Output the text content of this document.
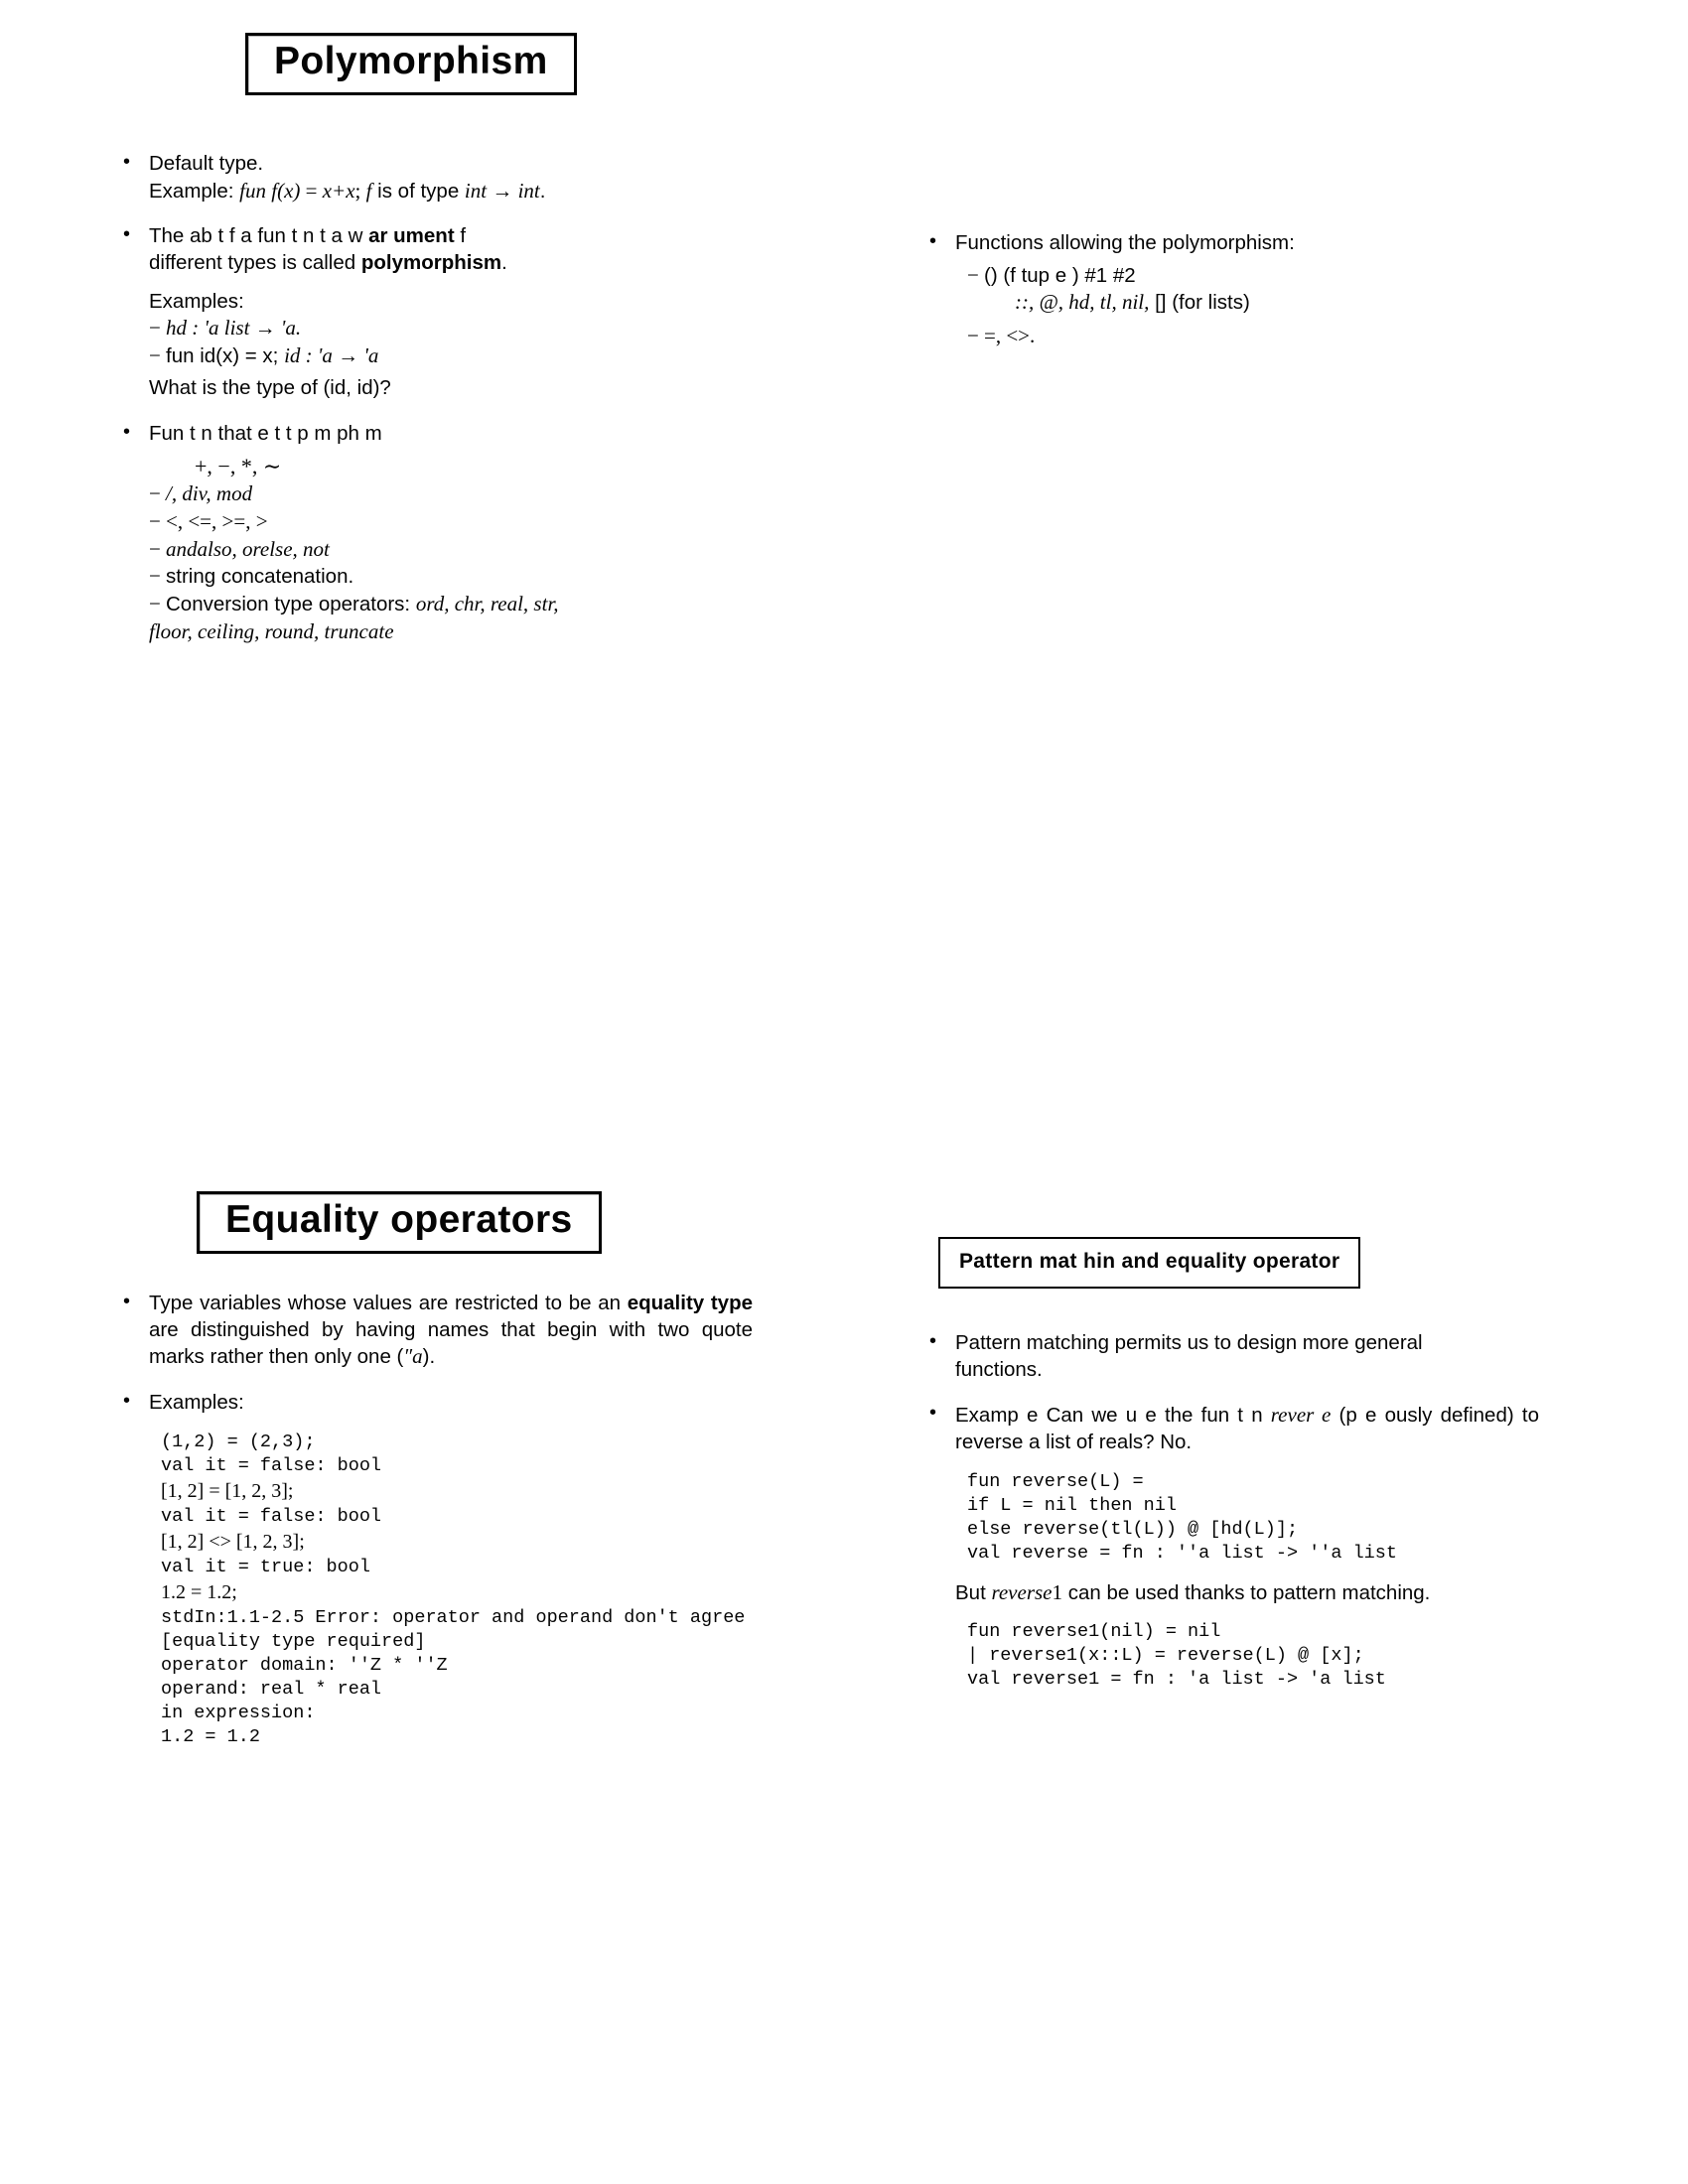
Polymorphism

• Default type.

Example: fun f(x) = x+x; f is of type int → int.

• The ab t f a fun t n t a w ar ument f

different types is called polymorphism.

Examples:

− hd : 'a list → 'a.

− fun id(x) = x; id : 'a → 'a

What is the type of (id, id)?

• Fun t n that e t t p m ph m

+, −, *, ∼

− /, div, mod

− <, <=, >=, >

− andalso, orelse, not

− string concatenation.

− Conversion type operators: ord, chr, real, str,

floor, ceiling, round, truncate

• Functions allowing the polymorphism:

− () (f tup e ) #1 #2

::, @, hd, tl, nil, [] (for lists)

− =, <>.

Equality operators
Pattern mat hin and equality operator

• Type variables whose values are restricted to be an equality type are distinguished by having names that begin with two quote marks rather then only one (″a).

• Examples:

(1,2) = (2,3);
val it = false: bool
[1, 2] = [1, 2, 3];
val it = false: bool
[1, 2] <> [1, 2, 3];
val it = true: bool
1.2 = 1.2;
stdIn:1.1-2.5 Error: operator and operand don't agree
[equality type required]
operator domain: ''Z * ''Z
operand: real * real
in expression:
1.2 = 1.2

• Pattern matching permits us to design more general

functions.

• Examp e Can we u e the fun t n rever e (p e ously defined) to reverse a list of reals? No.

fun reverse(L) =
if L = nil then nil
else reverse(tl(L)) @ [hd(L)];
val reverse = fn : ''a list -> ''a list

But reverse1 can be used thanks to pattern matching.

fun reverse1(nil) = nil
| reverse1(x::L) = reverse(L) @ [x];
val reverse1 = fn : 'a list -> 'a list
